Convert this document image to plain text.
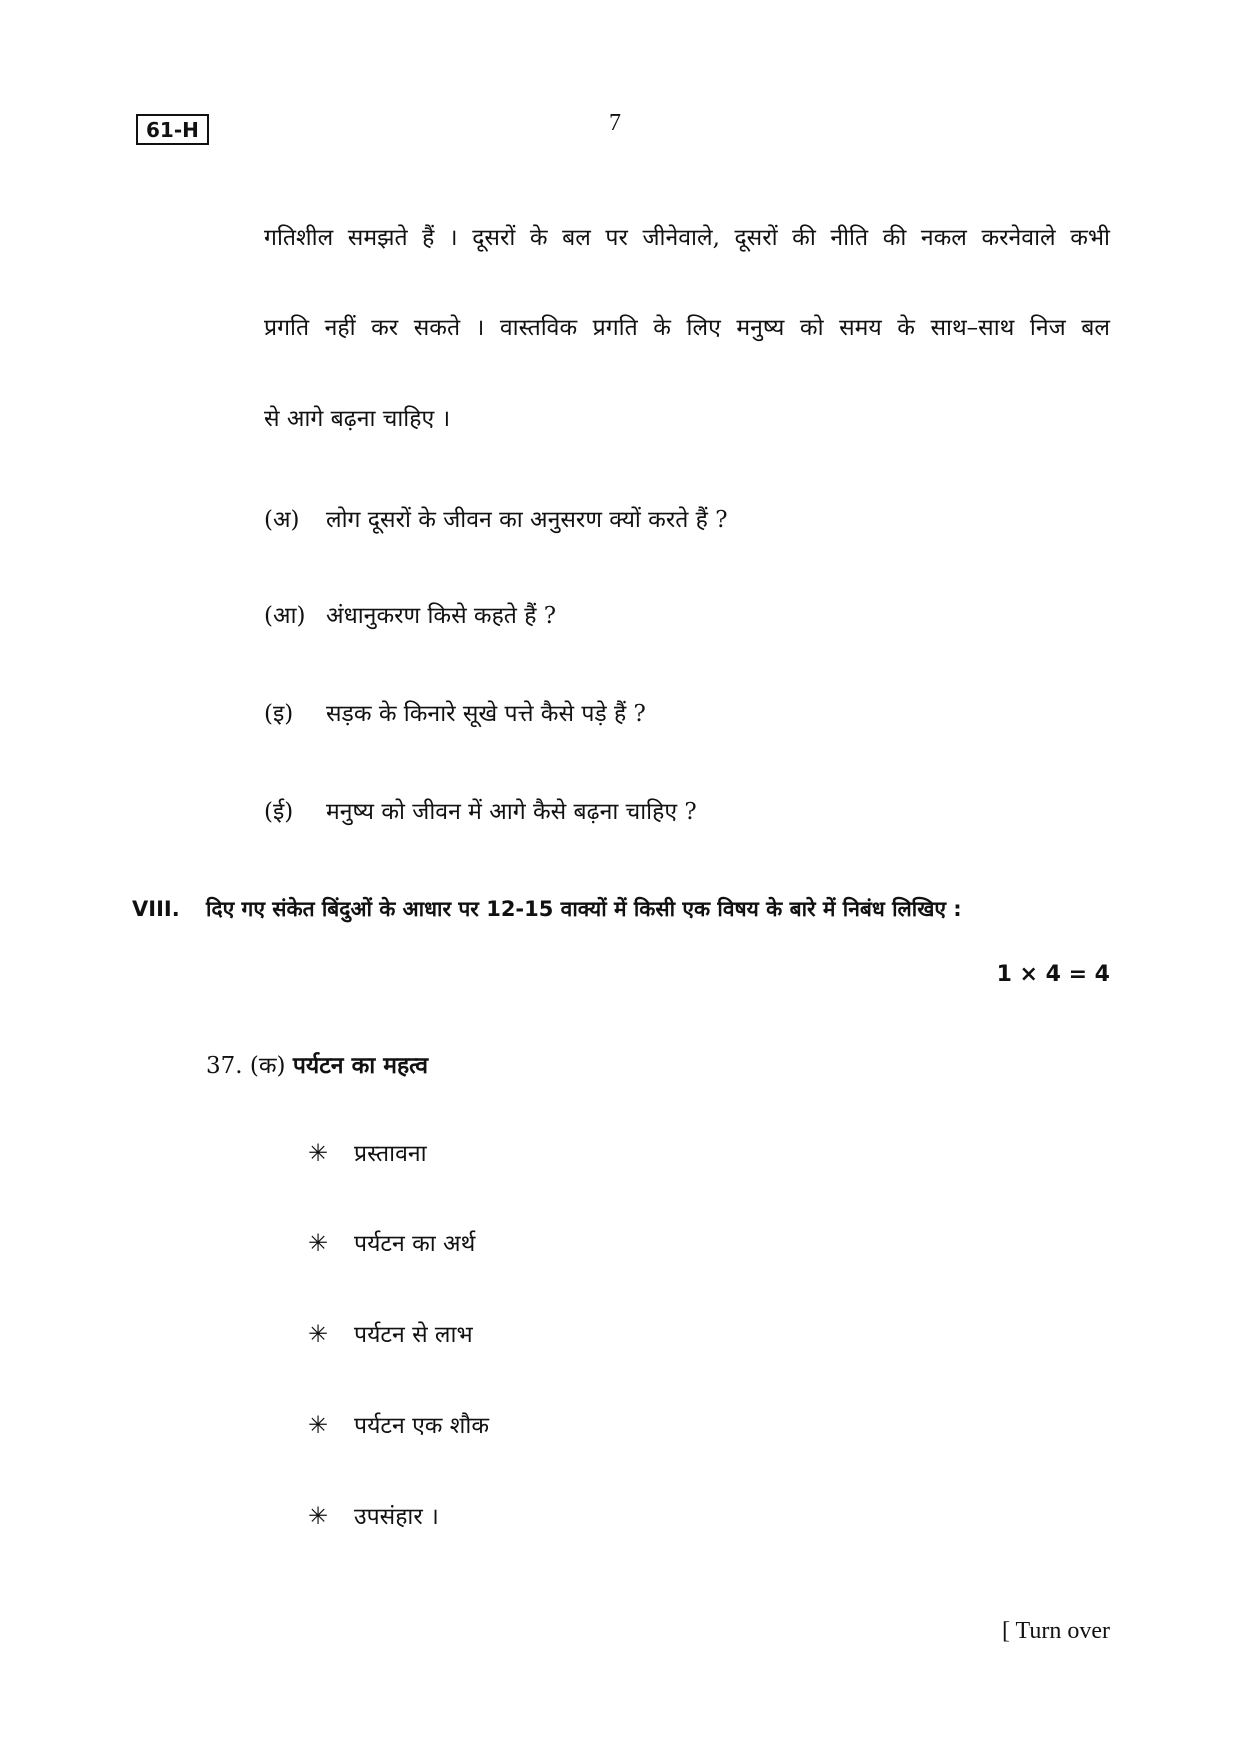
61-H	7
गतिशील समझते हैं । दूसरों के बल पर जीनेवाले, दूसरों की नीति की नकल करनेवाले कभी
प्रगति नहीं कर सकते । वास्तविक प्रगति के लिए मनुष्य को समय के साथ–साथ निज बल
से आगे बढ़ना चाहिए ।
(अ) लोग दूसरों के जीवन का अनुसरण क्यों करते हैं ?
(आ) अंधानुकरण किसे कहते हैं ?
(इ) सड़क के किनारे सूखे पत्ते कैसे पड़े हैं ?
(ई) मनुष्य को जीवन में आगे कैसे बढ़ना चाहिए ?
VIII. दिए गए संकेत बिंदुओं के आधार पर 12-15 वाक्यों में किसी एक विषय के बारे में निबंध लिखिए :
1 × 4 = 4
37. (क) पर्यटन का महत्व
✳ प्रस्तावना
✳ पर्यटन का अर्थ
✳ पर्यटन से लाभ
✳ पर्यटन एक शौक
✳ उपसंहार ।
[ Turn over
